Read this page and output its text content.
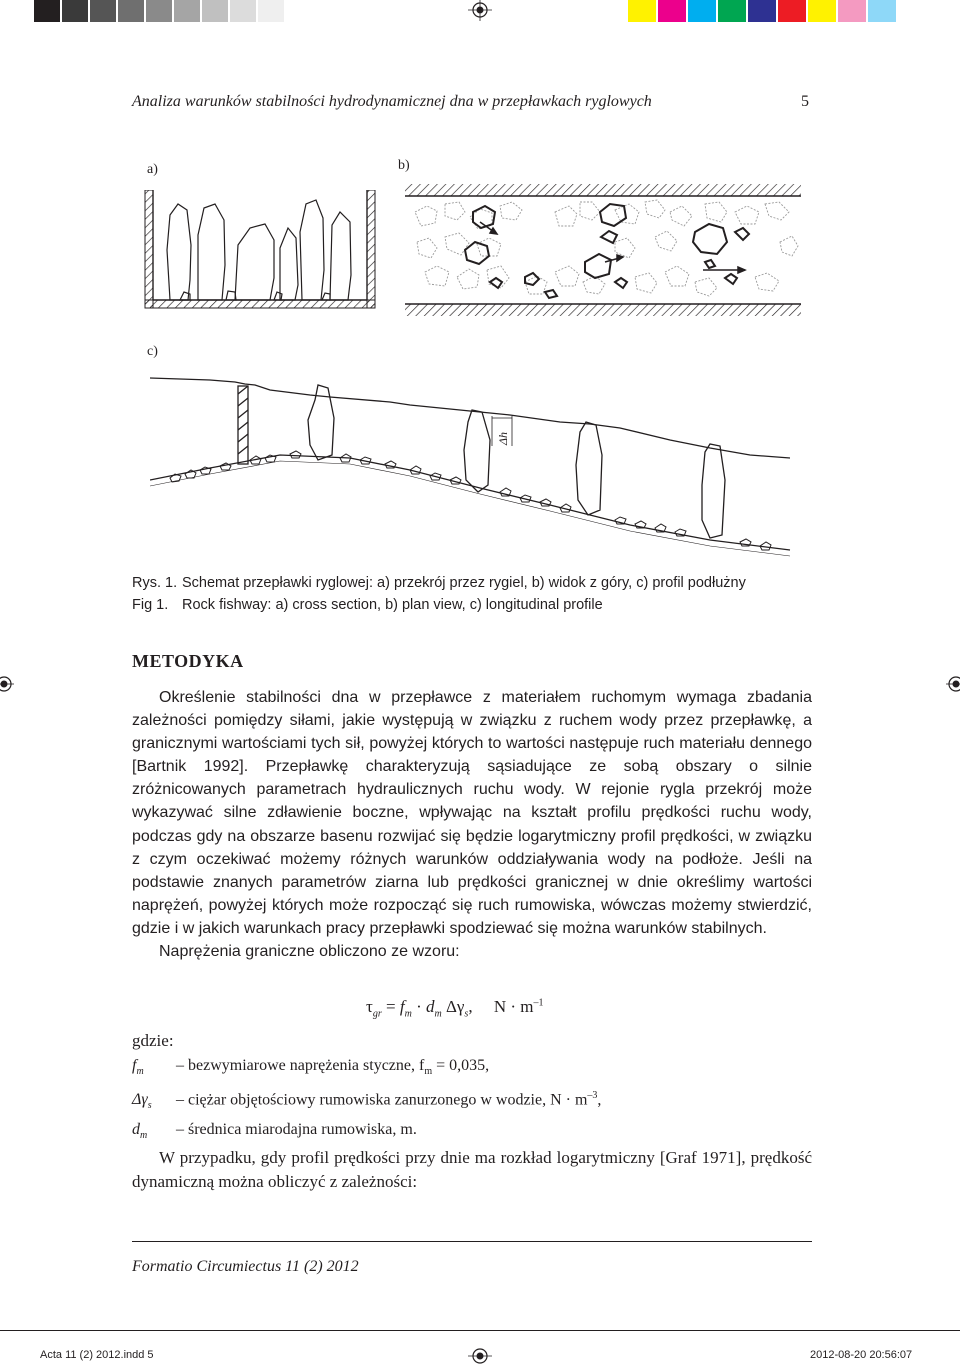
Analiza warunków stabilności hydrodynamicznej dna w przepławkach ryglowych	5
a)	b)
c)
Δh
Rys. 1. Schemat przepławki ryglowej: a) przekrój przez rygiel, b) widok z góry, c) profil podłużny
Fig 1. Rock fishway: a) cross section, b) plan view, c) longitudinal profile
METODYKA

Określenie stabilności dna w przepławce z materiałem ruchomym wymaga zbadania zależności pomiędzy siłami, jakie występują w związku z ruchem wody przez przepławkę, a granicznymi wartościami tych sił, powyżej których to wartości następuje ruch materiału dennego [Bartnik 1992]. Przepławkę charakteryzują sąsiadujące ze sobą obszary o silnie zróżnicowanych parametrach hydraulicznych ruchu wody. W rejonie rygla przekrój może wykazywać silne zdławienie boczne, wpływając na kształt profilu prędkości ruchu wody, podczas gdy na obszarze basenu rozwijać się będzie logarytmiczny profil prędkości, w związku z czym oczekiwać możemy różnych warunków oddziaływania wody na podłoże. Jeśli na podstawie znanych parametrów ziarna lub prędkości granicznej w dnie określimy wartości naprężeń, powyżej których może rozpocząć się ruch rumowiska, wówczas możemy stwierdzić, gdzie i w jakich warunkach pracy przepławki spodziewać się można warunków stabilnych.

Naprężenia graniczne obliczono ze wzoru:

$\tau_{gr} = f_m \cdot d_m$ $\Delta\gamma_s$,     $N \cdot m^{-1}$
gdzie:
$f_m$ – bezwymiarowe naprężenia styczne, $f_m = 0,035$,
$\Delta\gamma_s$ – ciężar objętościowy rumowiska zanurzonego w wodzie, $N \cdot m^{-3}$,
$d_m$ – średnica miarodajna rumowiska, m.

W przypadku, gdy profil prędkości przy dnie ma rozkład logarytmiczny [Graf 1971], prędkość dynamiczną można obliczyć z zależności:

Formatio Circumiectus 11 (2) 2012
Acta 11 (2) 2012.indd 5	2012-08-20 20:56:07
